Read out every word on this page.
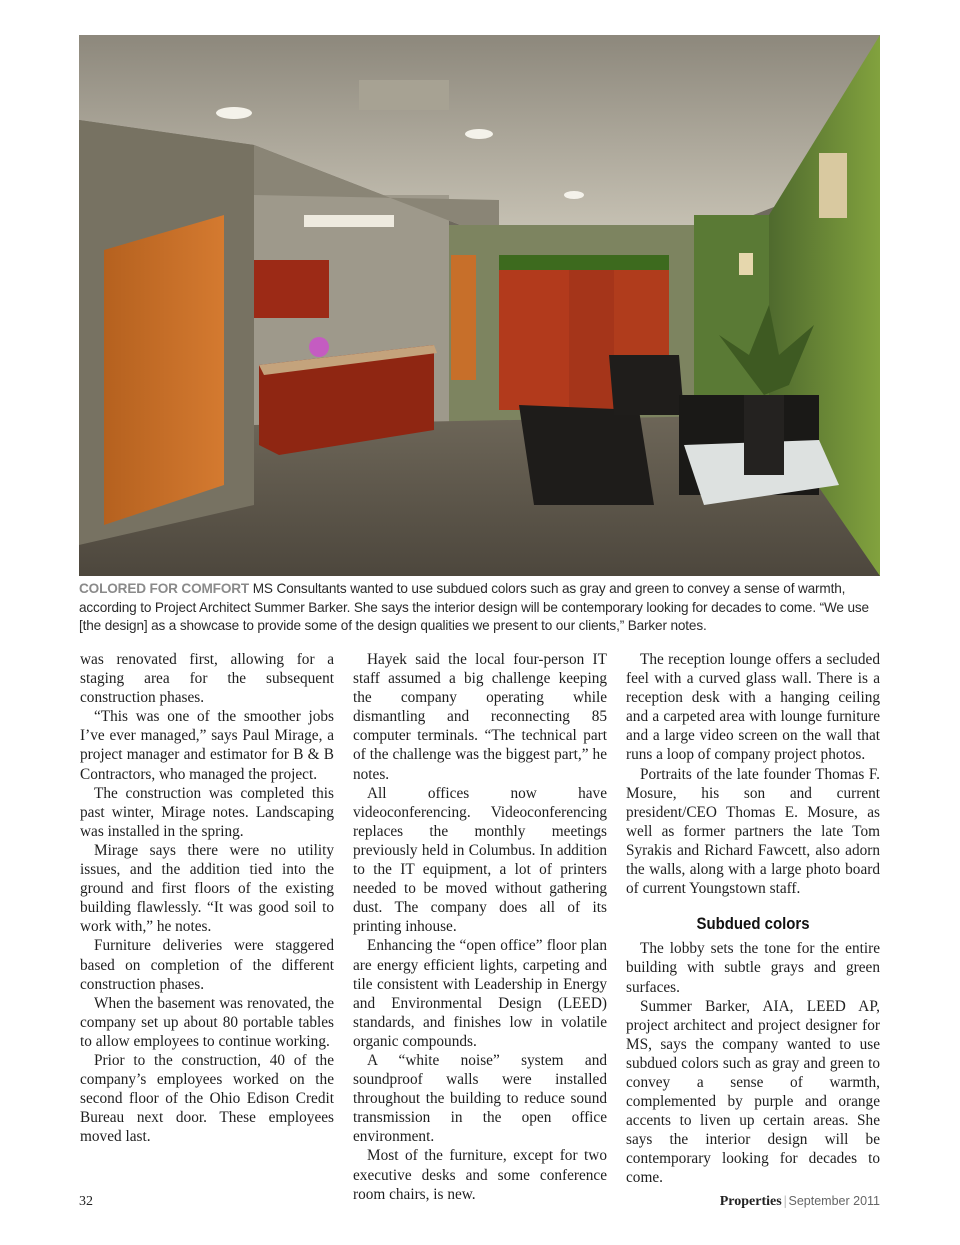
COLORED FOR COMFORT MS Consultants wanted to use subdued colors such as gray and green to convey a sense of warmth, according to Project Architect Summer Barker. She says the interior design will be contemporary looking for decades to come. “We use [the design] as a showcase to provide some of the design qualities we present to our clients,” Barker notes.

was renovated first, allowing for a staging area for the subsequent construction phases.

“This was one of the smoother jobs I’ve ever managed,” says Paul Mirage, a project manager and estimator for B & B Contractors, who managed the project.

The construction was completed this past winter, Mirage notes. Landscaping was installed in the spring.

Mirage says there were no utility issues, and the addition tied into the ground and first floors of the existing building flawlessly. “It was good soil to work with,” he notes.

Furniture deliveries were staggered based on completion of the different construction phases.

When the basement was renovated, the company set up about 80 portable tables to allow employees to continue working.

Prior to the construction, 40 of the company’s employees worked on the second floor of the Ohio Edison Credit Bureau next door. These employees moved last.

Hayek said the local four-person IT staff assumed a big challenge keeping the company operating while dismantling and reconnecting 85 computer terminals. “The technical part of the challenge was the biggest part,” he notes.

All offices now have videoconferencing. Videoconferencing replaces the monthly meetings previously held in Columbus. In addition to the IT equipment, a lot of printers needed to be moved without gathering dust. The company does all of its printing inhouse.

Enhancing the “open office” floor plan are energy efficient lights, carpeting and tile consistent with Leadership in Energy and Environmental Design (LEED) standards, and finishes low in volatile organic compounds.

A “white noise” system and soundproof walls were installed throughout the building to reduce sound transmission in the open office environment.

Most of the furniture, except for two executive desks and some conference room chairs, is new.

The reception lounge offers a secluded feel with a curved glass wall. There is a reception desk with a hanging ceiling and a carpeted area with lounge furniture and a large video screen on the wall that runs a loop of company project photos.

Portraits of the late founder Thomas F. Mosure, his son and current president/CEO Thomas E. Mosure, as well as former partners the late Tom Syrakis and Richard Fawcett, also adorn the walls, along with a large photo board of current Youngstown staff.

Subdued colors

The lobby sets the tone for the entire building with subtle grays and green surfaces.

Summer Barker, AIA, LEED AP, project architect and project designer for MS, says the company wanted to use subdued colors such as gray and green to convey a sense of warmth, complemented by purple and orange accents to liven up certain areas. She says the interior design will be contemporary looking for decades to come.

32	Properties | September 2011
